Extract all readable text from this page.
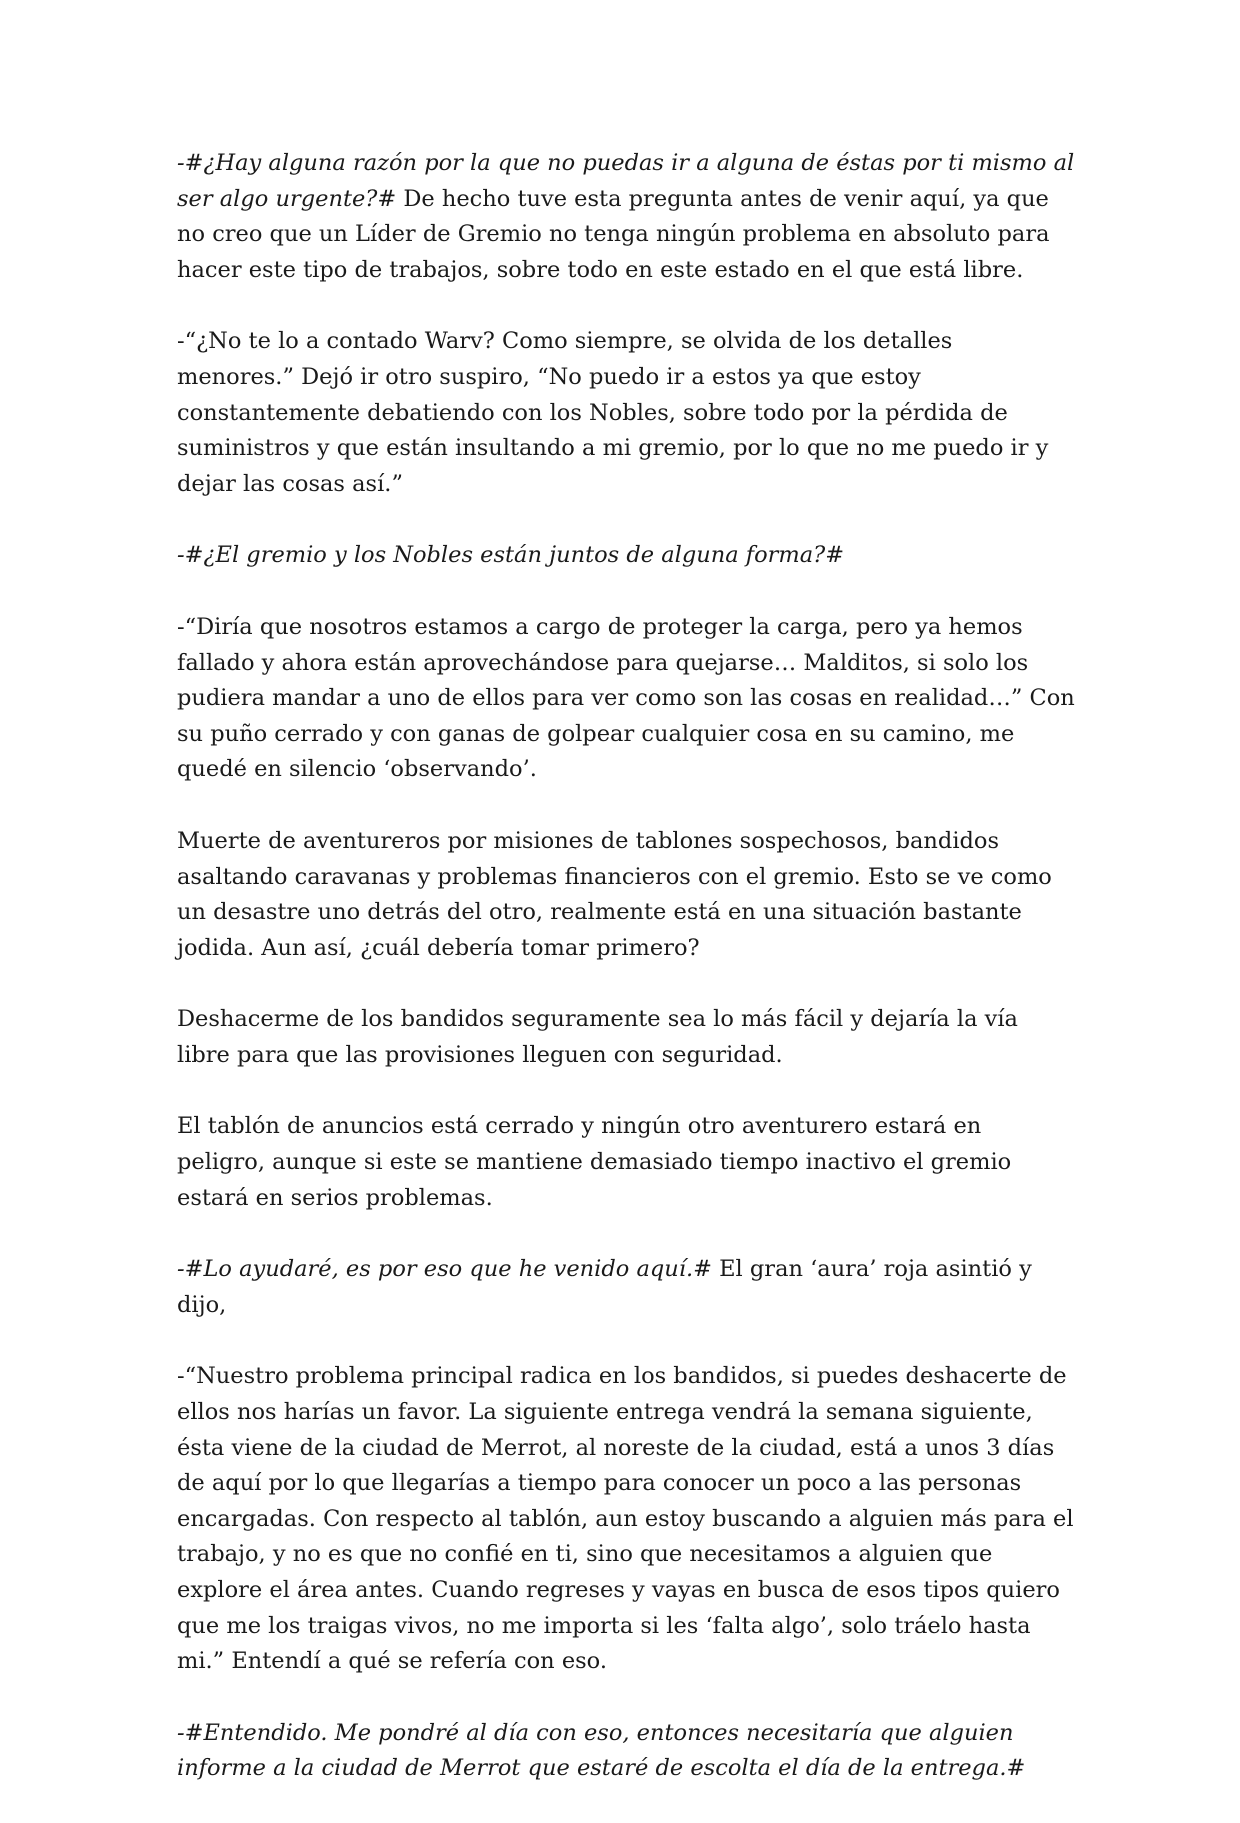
-#¿Hay alguna razón por la que no puedas ir a alguna de éstas por ti mismo al ser algo urgente?# De hecho tuve esta pregunta antes de venir aquí, ya que no creo que un Líder de Gremio no tenga ningún problema en absoluto para hacer este tipo de trabajos, sobre todo en este estado en el que está libre.

-“¿No te lo a contado Warv? Como siempre, se olvida de los detalles menores.” Dejó ir otro suspiro, “No puedo ir a estos ya que estoy constantemente debatiendo con los Nobles, sobre todo por la pérdida de suministros y que están insultando a mi gremio, por lo que no me puedo ir y dejar las cosas así.”

-#¿El gremio y los Nobles están juntos de alguna forma?#

-“Diría que nosotros estamos a cargo de proteger la carga, pero ya hemos fallado y ahora están aprovechándose para quejarse… Malditos, si solo los pudiera mandar a uno de ellos para ver como son las cosas en realidad…” Con su puño cerrado y con ganas de golpear cualquier cosa en su camino, me quedé en silencio ‘observando’.

Muerte de aventureros por misiones de tablones sospechosos, bandidos asaltando caravanas y problemas financieros con el gremio. Esto se ve como un desastre uno detrás del otro, realmente está en una situación bastante jodida. Aun así, ¿cuál debería tomar primero?

Deshacerme de los bandidos seguramente sea lo más fácil y dejaría la vía libre para que las provisiones lleguen con seguridad.

El tablón de anuncios está cerrado y ningún otro aventurero estará en peligro, aunque si este se mantiene demasiado tiempo inactivo el gremio estará en serios problemas.

-#Lo ayudaré, es por eso que he venido aquí.# El gran ‘aura’ roja asintió y dijo,

-“Nuestro problema principal radica en los bandidos, si puedes deshacerte de ellos nos harías un favor. La siguiente entrega vendrá la semana siguiente, ésta viene de la ciudad de Merrot, al noreste de la ciudad, está a unos 3 días de aquí por lo que llegarías a tiempo para conocer un poco a las personas encargadas. Con respecto al tablón, aun estoy buscando a alguien más para el trabajo, y no es que no confié en ti, sino que necesitamos a alguien que explore el área antes. Cuando regreses y vayas en busca de esos tipos quiero que me los traigas vivos, no me importa si les ‘falta algo’, solo tráelo hasta mi.” Entendí a qué se refería con eso.

-#Entendido. Me pondré al día con eso, entonces necesitaría que alguien informe a la ciudad de Merrot que estaré de escolta el día de la entrega.#
